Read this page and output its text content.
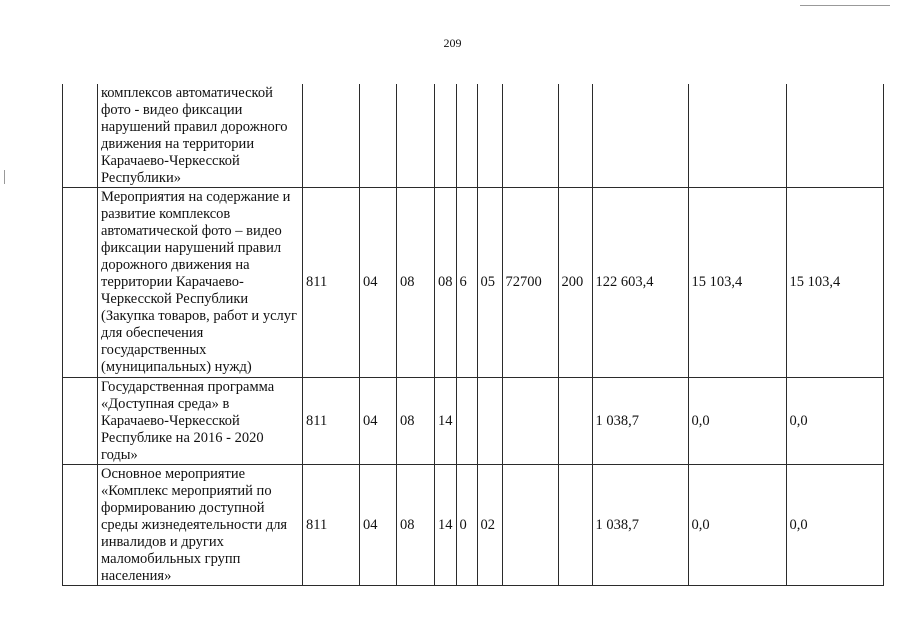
209
	комплексов автоматической фото - видео фиксации нарушений правил дорожного движения на территории Карачаево-Черкесской Республики»											
	Мероприятия на содержание и развитие комплексов автоматической фото – видео фиксации нарушений правил дорожного движения на территории Карачаево-Черкесской Республики (Закупка товаров, работ и услуг для обеспечения государственных (муниципальных) нужд)	811	04	08	08	6	05	72700	200	122 603,4	15 103,4	15 103,4
	Государственная программа «Доступная среда» в Карачаево-Черкесской Республике на 2016 - 2020 годы»	811	04	08	14					1 038,7	0,0	0,0
	Основное мероприятие «Комплекс мероприятий по формированию доступной среды жизнедеятельности для инвалидов и других маломобильных групп населения»	811	04	08	14	0	02			1 038,7	0,0	0,0
